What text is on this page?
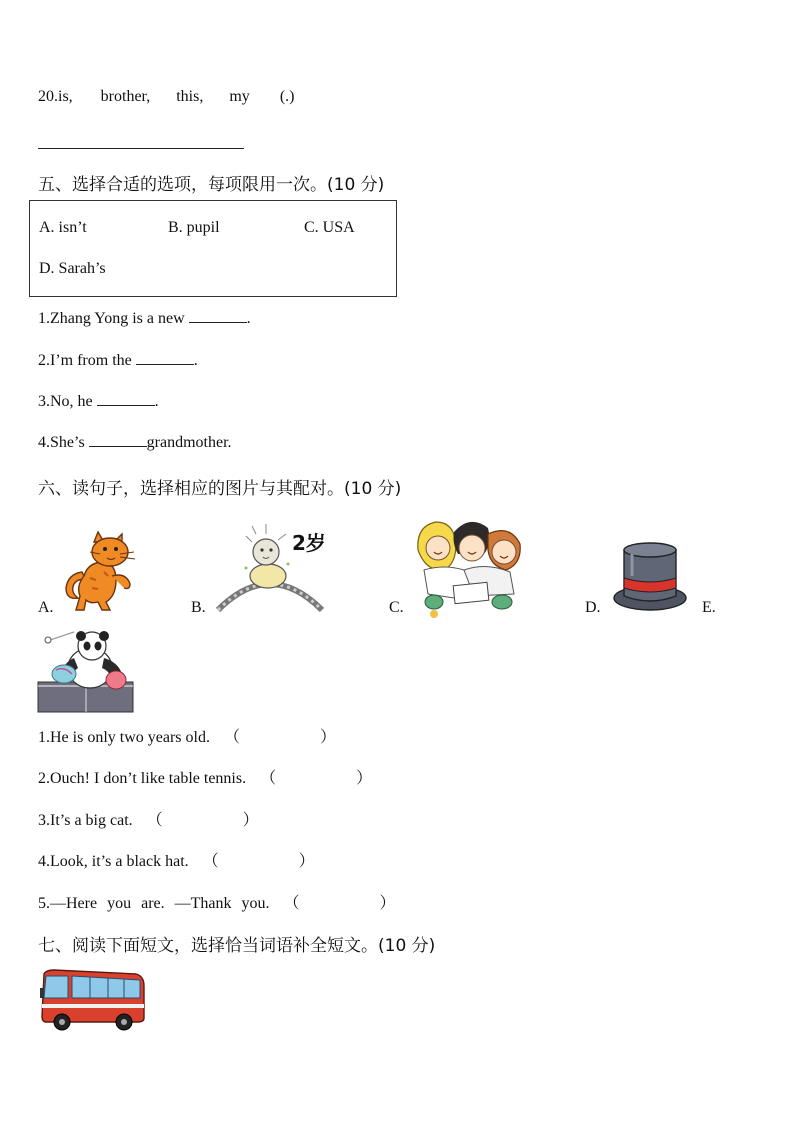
20.is, brother, this, my (.)
五、选择合适的选项，每项限用一次。(10 分)
A. isn’t	B. pupil	C. USA
D. Sarah’s
1.Zhang Yong is a new	.
2.I’m from the	.
3.No, he	.
4.She’s	grandmother.
六、读句子，选择相应的图片与其配对。(10 分)
A.	B.
2岁
C.	D.	E.
1.He is only two years old. （ ）
2.Ouch! I don’t like table tennis. （ ）
3.It’s a big cat. （ ）
4.Look, it’s a black hat. （ ）
5.—Here you are. —Thank you. （ ）
七、阅读下面短文，选择恰当词语补全短文。(10 分)
